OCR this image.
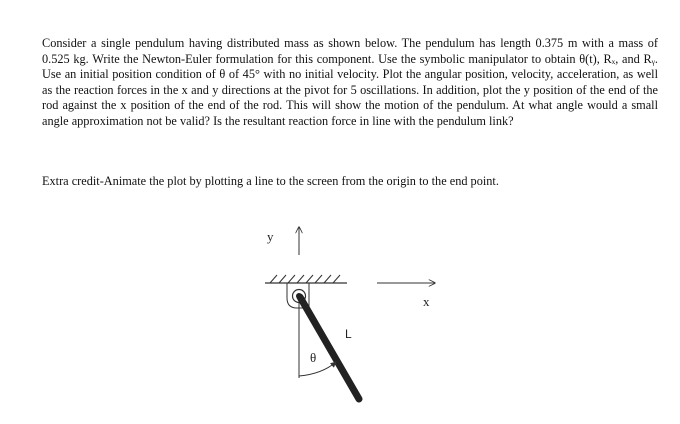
Consider a single pendulum having distributed mass as shown below. The pendulum has length 0.375 m with a mass of 0.525 kg. Write the Newton-Euler formulation for this component. Use the symbolic manipulator to obtain θ(t), Rₓ, and Rᵧ. Use an initial position condition of θ of 45° with no initial velocity. Plot the angular position, velocity, acceleration, as well as the reaction forces in the x and y directions at the pivot for 5 oscillations. In addition, plot the y position of the end of the rod against the x position of the end of the rod. This will show the motion of the pendulum. At what angle would a small angle approximation not be valid? Is the resultant reaction force in line with the pendulum link?

Extra credit-Animate the plot by plotting a line to the screen from the origin to the end point.

y
x
L
θ
